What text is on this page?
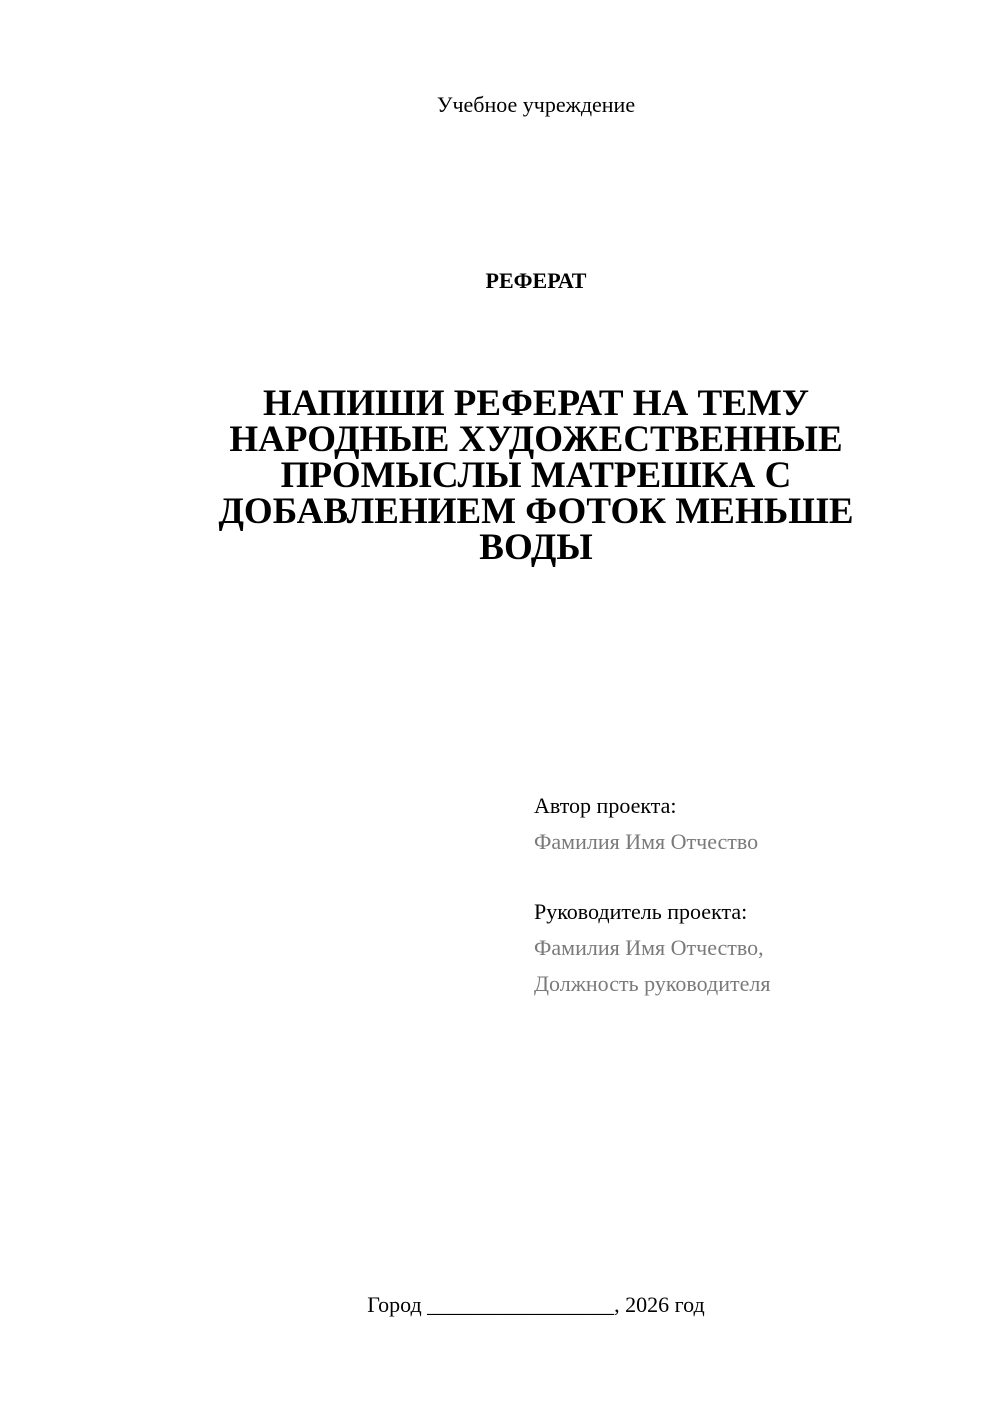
Учебное учреждение
РЕФЕРАТ
НАПИШИ РЕФЕРАТ НА ТЕМУ
НАРОДНЫЕ ХУДОЖЕСТВЕННЫЕ
ПРОМЫСЛЫ МАТРЕШКА С
ДОБАВЛЕНИЕМ ФОТОК МЕНЬШЕ
ВОДЫ
Автор проекта:
Фамилия Имя Отчество
Руководитель проекта:
Фамилия Имя Отчество,
Должность руководителя
Город _________________, 2026 год
